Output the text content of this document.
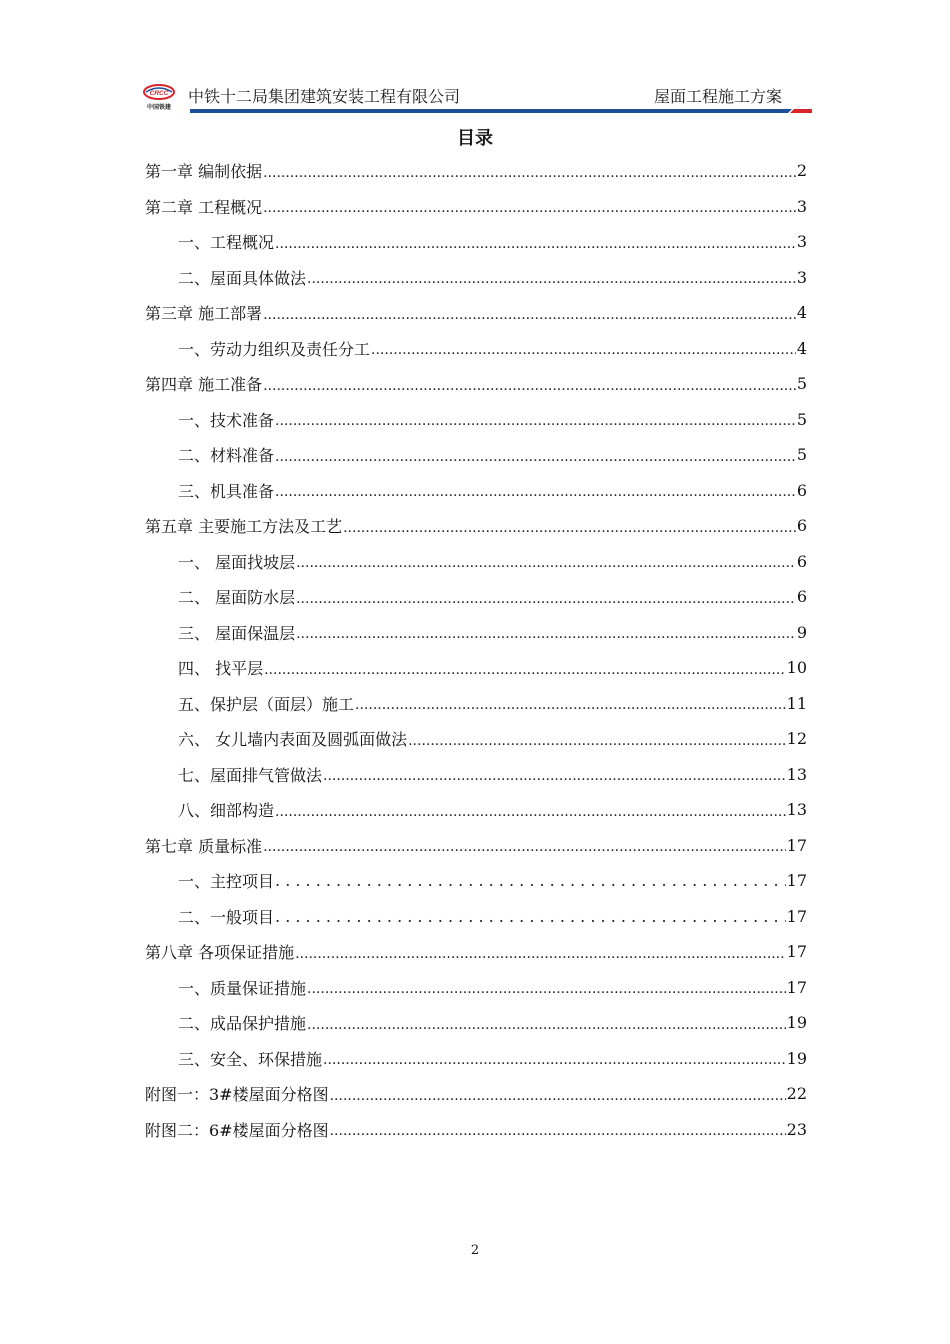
CRCC
中国铁建
中铁十二局集团建筑安装工程有限公司	屋面工程施工方案
目录
第一章 编制依据 .....	2
第二章 工程概况 .....	3
一、工程概况 .....	3
二、屋面具体做法 .....	3
第三章 施工部署 .....	4
一、劳动力组织及责任分工 .....	4
第四章 施工准备 .....	5
一、技术准备 .....	5
二、材料准备 .....	5
三、机具准备 .....	6
第五章 主要施工方法及工艺 .....	6
一、 屋面找坡层 .....	6
二、 屋面防水层 .....	6
三、 屋面保温层 .....	9
四、 找平层 .....	10
五、保护层（面层）施工 .....	11
六、 女儿墙内表面及圆弧面做法 .....	12
七、屋面排气管做法 .....	13
八、细部构造 .....	13
第七章 质量标准 .....	17
一、主控项目 . . .	17
二、一般项目 . . .	17
第八章 各项保证措施 .....	17
一、质量保证措施 .....	17
二、成品保护措施 .....	19
三、安全、环保措施 .....	19
附图一：3#楼屋面分格图 .....	22
附图二：6#楼屋面分格图 .....	23
2
